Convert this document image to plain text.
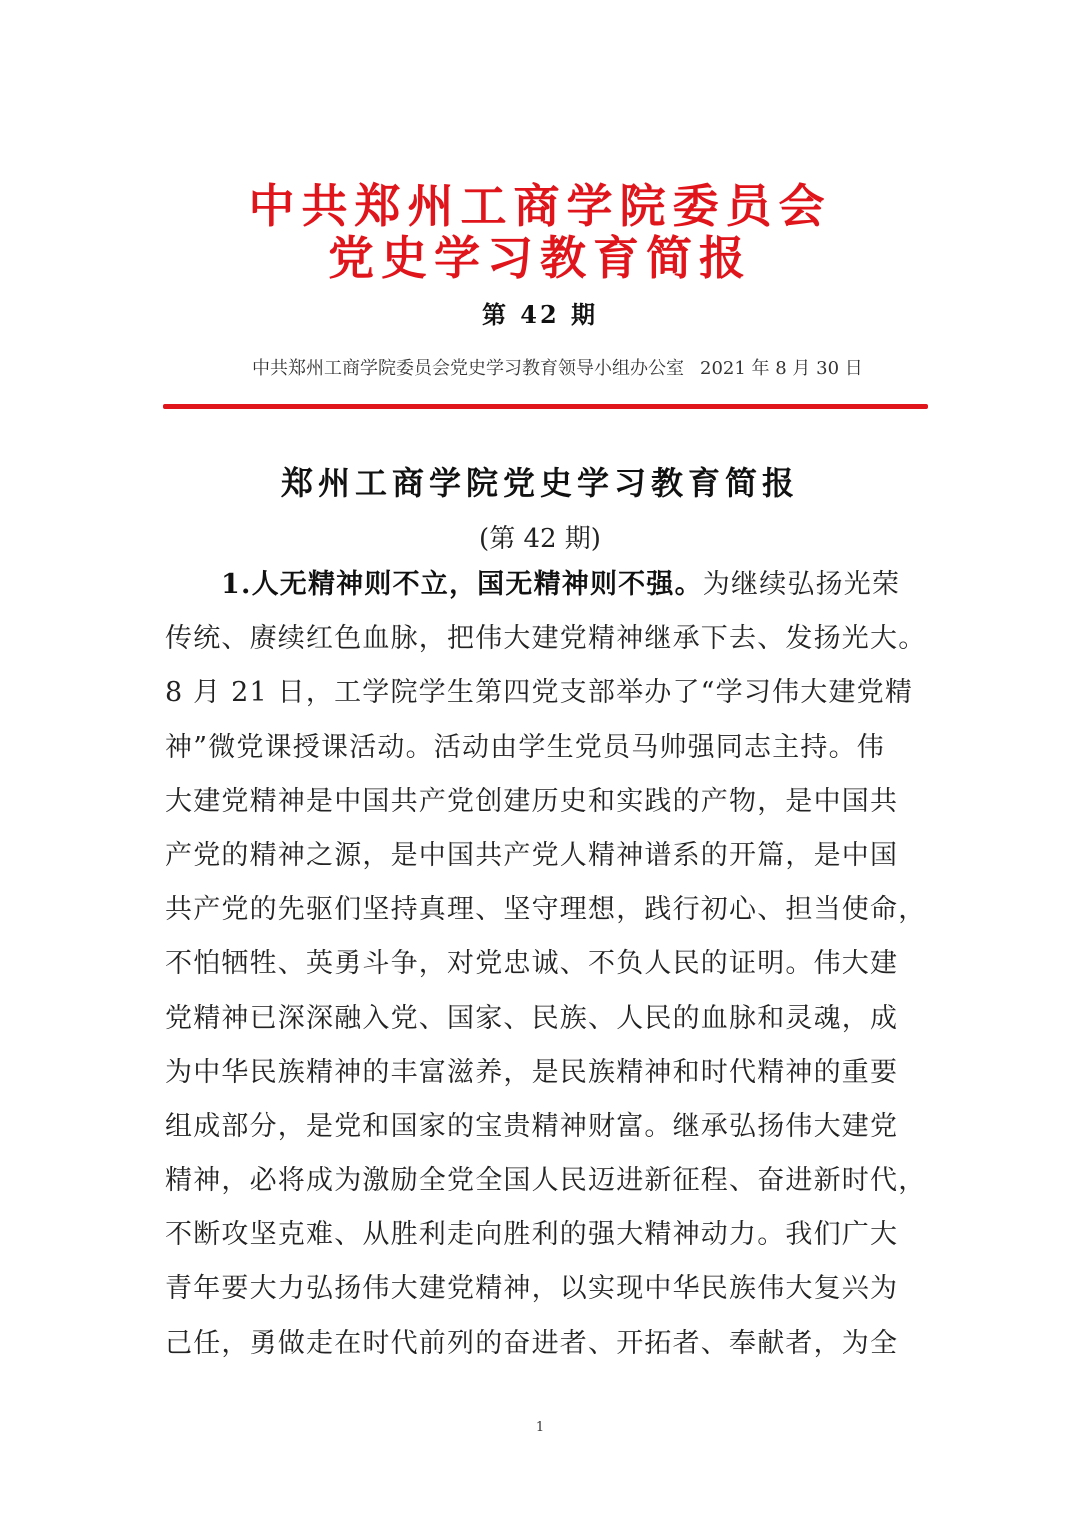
中共郑州工商学院委员会
党史学习教育简报
第 42 期
中共郑州工商学院委员会党史学习教育领导小组办公室 2021 年 8 月 30 日
郑州工商学院党史学习教育简报
(第 42 期)
1.人无精神则不立，国无精神则不强。为继续弘扬光荣
传统、赓续红色血脉，把伟大建党精神继承下去、发扬光大。
8 月 21 日，工学院学生第四党支部举办了“学习伟大建党精
神”微党课授课活动。活动由学生党员马帅强同志主持。伟
大建党精神是中国共产党创建历史和实践的产物，是中国共
产党的精神之源，是中国共产党人精神谱系的开篇，是中国
共产党的先驱们坚持真理、坚守理想，践行初心、担当使命，
不怕牺牲、英勇斗争，对党忠诚、不负人民的证明。伟大建
党精神已深深融入党、国家、民族、人民的血脉和灵魂，成
为中华民族精神的丰富滋养，是民族精神和时代精神的重要
组成部分，是党和国家的宝贵精神财富。继承弘扬伟大建党
精神，必将成为激励全党全国人民迈进新征程、奋进新时代，
不断攻坚克难、从胜利走向胜利的强大精神动力。我们广大
青年要大力弘扬伟大建党精神，以实现中华民族伟大复兴为
己任，勇做走在时代前列的奋进者、开拓者、奉献者，为全
1
